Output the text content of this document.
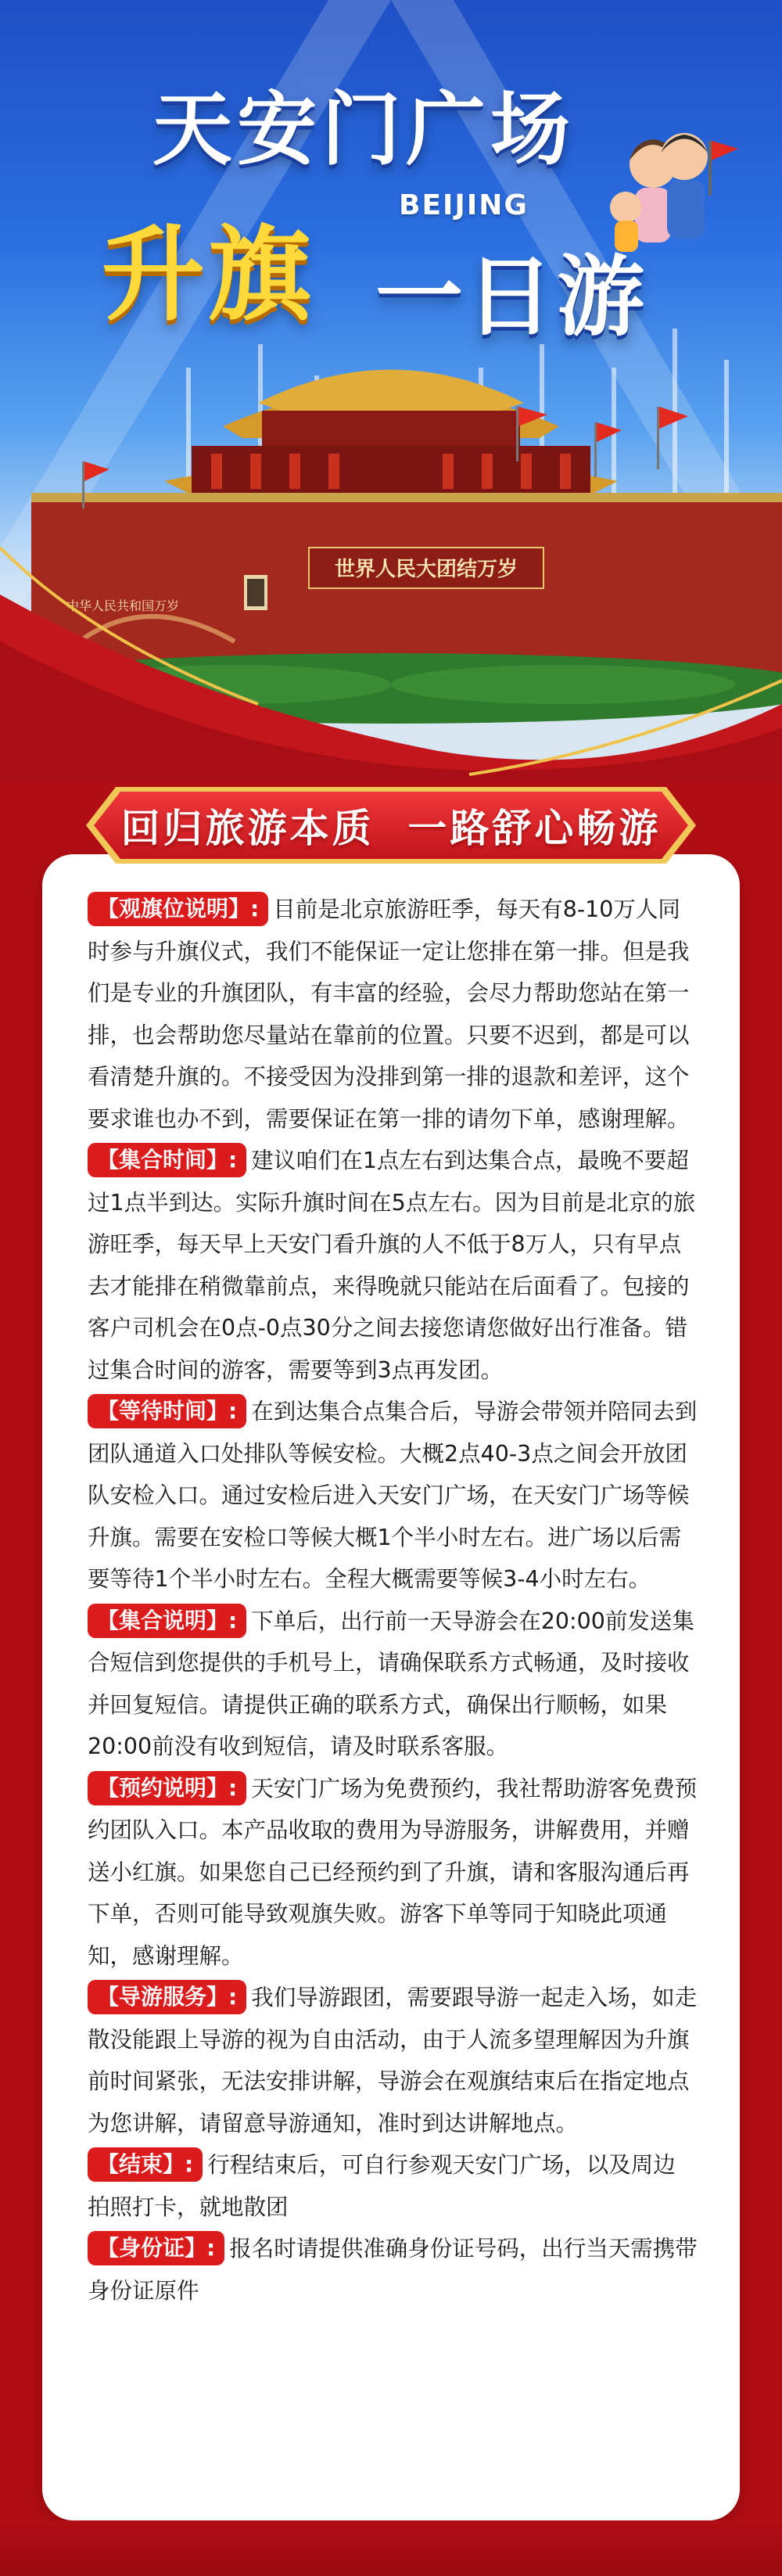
世界人民大团结万岁
中华人民共和国万岁
天安门广场
BEIJING
升旗 一日游
回归旅游本质  一路舒心畅游

【观旗位说明】: 目前是北京旅游旺季，每天有8-10万人同时参与升旗仪式，我们不能保证一定让您排在第一排。但是我们是专业的升旗团队，有丰富的经验，会尽力帮助您站在第一排，也会帮助您尽量站在靠前的位置。只要不迟到，都是可以看清楚升旗的。不接受因为没排到第一排的退款和差评，这个要求谁也办不到，需要保证在第一排的请勿下单，感谢理解。

【集合时间】: 建议咱们在1点左右到达集合点，最晚不要超过1点半到达。实际升旗时间在5点左右。因为目前是北京的旅游旺季，每天早上天安门看升旗的人不低于8万人，只有早点去才能排在稍微靠前点，来得晚就只能站在后面看了。包接的客户司机会在0点-0点30分之间去接您请您做好出行准备。错过集合时间的游客，需要等到3点再发团。

【等待时间】: 在到达集合点集合后，导游会带领并陪同去到团队通道入口处排队等候安检。大概2点40-3点之间会开放团队安检入口。通过安检后进入天安门广场，在天安门广场等候升旗。需要在安检口等候大概1个半小时左右。进广场以后需要等待1个半小时左右。全程大概需要等候3-4小时左右。

【集合说明】: 下单后，出行前一天导游会在20:00前发送集合短信到您提供的手机号上，请确保联系方式畅通，及时接收并回复短信。请提供正确的联系方式，确保出行顺畅，如果20:00前没有收到短信，请及时联系客服。

【预约说明】: 天安门广场为免费预约，我社帮助游客免费预约团队入口。本产品收取的费用为导游服务，讲解费用，并赠送小红旗。如果您自己已经预约到了升旗，请和客服沟通后再下单，否则可能导致观旗失败。游客下单等同于知晓此项通知，感谢理解。

【导游服务】: 我们导游跟团，需要跟导游一起走入场，如走散没能跟上导游的视为自由活动，由于人流多望理解因为升旗前时间紧张，无法安排讲解，导游会在观旗结束后在指定地点为您讲解，请留意导游通知，准时到达讲解地点。

【结束】: 行程结束后，可自行参观天安门广场，以及周边拍照打卡，就地散团

【身份证】: 报名时请提供准确身份证号码，出行当天需携带身份证原件
